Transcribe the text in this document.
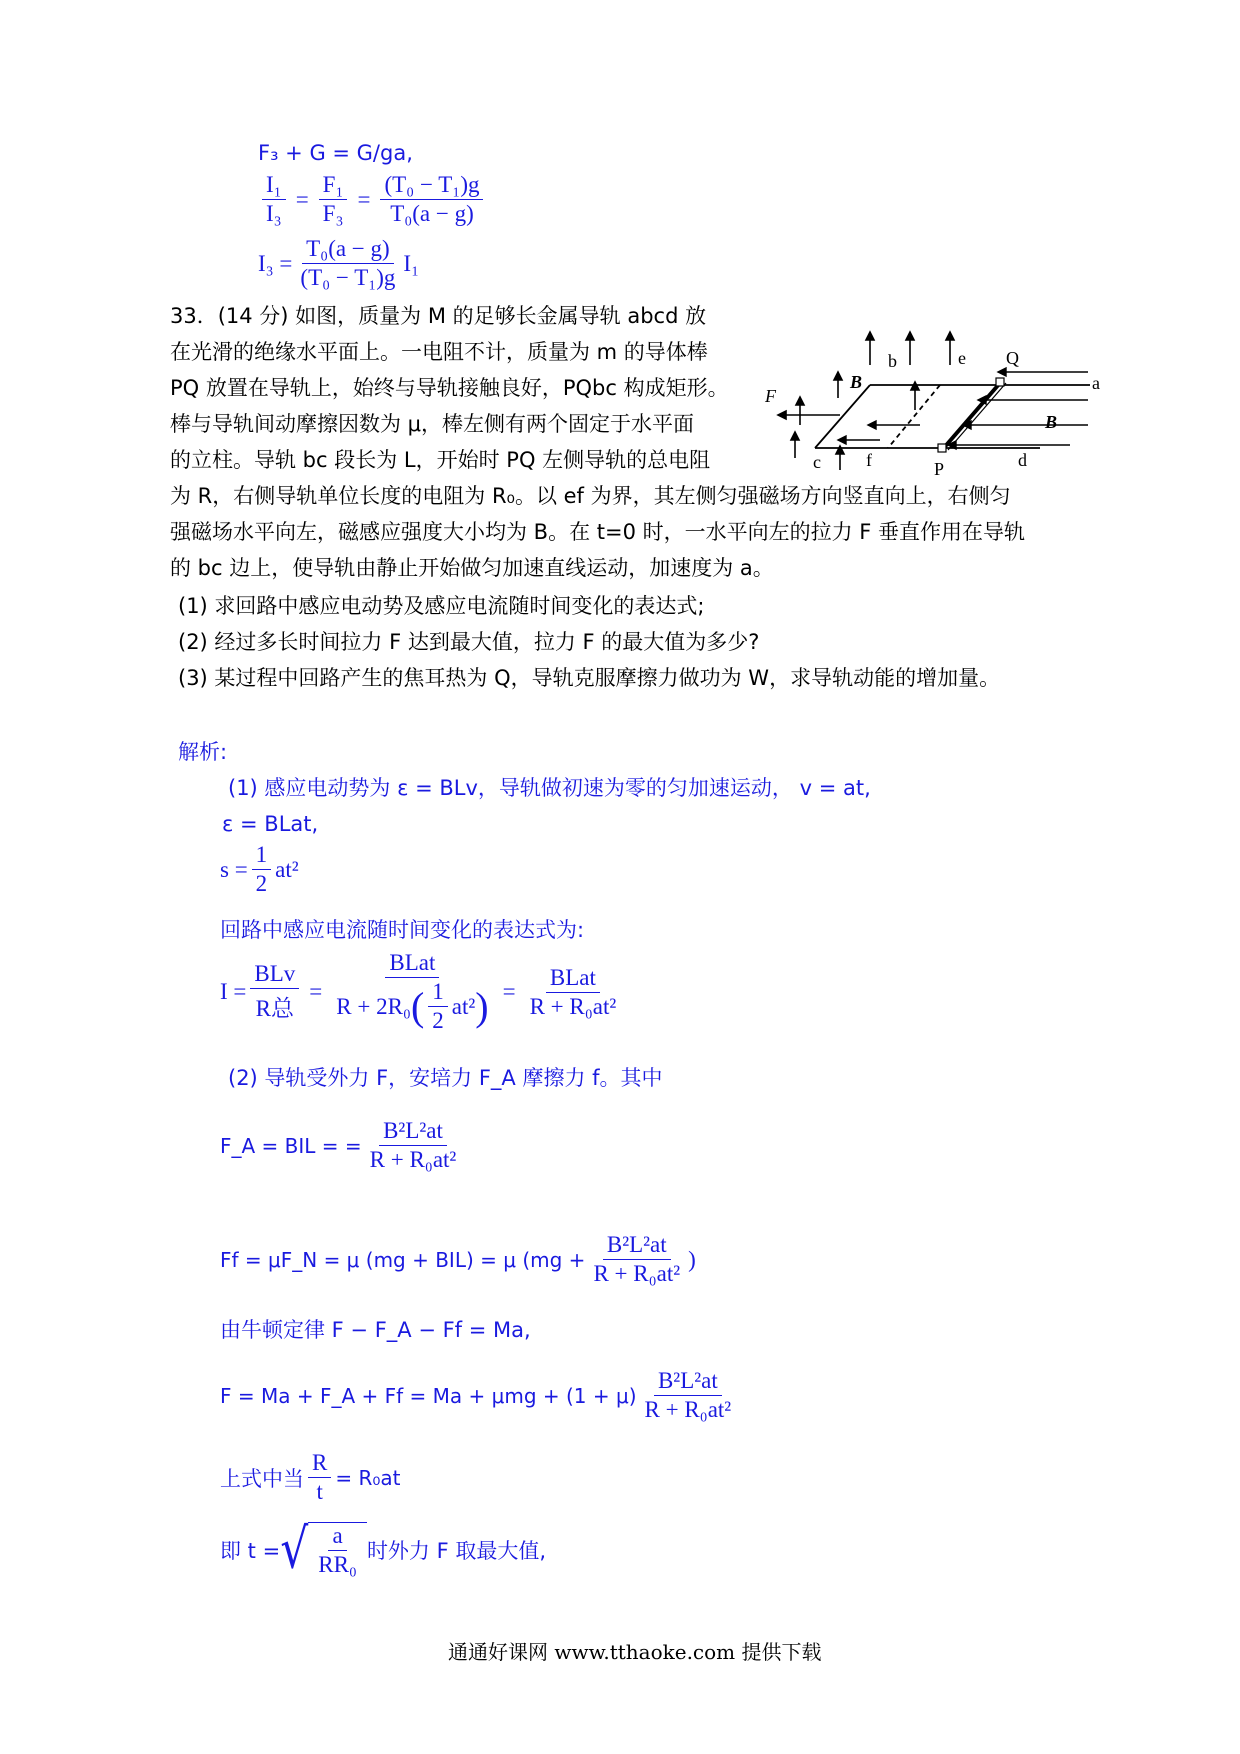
F₃ + G = G/ga,
$\frac{\text{I₁}}{\text{I₃}} = \frac{\text{F₁}}{\text{F₃}} = \frac{\text{(T₀ − T₁)g}}{\text{T₀(a − g)}}$
$I_3 = \frac{\text{T₀(a − g)}}{\text{(T₀ − T₁)g}} I_1$
33．(14 分) 如图，质量为 M 的足够长金属导轨 abcd 放
在光滑的绝缘水平面上。一电阻不计，质量为 m 的导体棒
PQ 放置在导轨上，始终与导轨接触良好，PQbc 构成矩形。
棒与导轨间动摩擦因数为 μ，棒左侧有两个固定于水平面
的立柱。导轨 bc 段长为 L，开始时 PQ 左侧导轨的总电阻
为 R，右侧导轨单位长度的电阻为 R₀。以 ef 为界，其左侧匀强磁场方向竖直向上，右侧匀
强磁场水平向左，磁感应强度大小均为 B。在 t=0 时，一水平向左的拉力 F 垂直作用在导轨
的 bc 边上，使导轨由静止开始做匀加速直线运动，加速度为 a。
(1) 求回路中感应电动势及感应电流随时间变化的表达式;
(2) 经过多长时间拉力 F 达到最大值，拉力 F 的最大值为多少?
(3) 某过程中回路产生的焦耳热为 Q，导轨克服摩擦力做功为 W，求导轨动能的增加量。
b	e Q
a
B
B
F
c	f	P	d
解析:
(1) 感应电动势为 ε = BLv，导轨做初速为零的匀加速运动， v = at,
ε = BLat,
$s = \frac{1}{2} at^2$
回路中感应电流随时间变化的表达式为:
$I = \frac{\text{BLv}}{\text{R总}} = \frac{\text{BLat}}{R + 2R_0 ( \frac{1}{2} at^2 )} = \frac{\text{BLat}}{\text{R + R₀at²}}$
(2) 导轨受外力 F，安培力 F_A 摩擦力 f。其中
F_A = BIL = = $\frac{\text{B²L²at}}{\text{R + R₀at²}}$
Ff = μF_N = μ (mg + BIL) = μ ($mg + \frac{\text{B²L²at}}{\text{R + R₀at²}}$ )
由牛顿定律 F − F_A − Ff = Ma,
F = Ma + F_A + $Ff = Ma + \mu mg + (1 + \mu) \frac{\text{B²L²at}}{\text{R + R₀at²}}$
上式中当 $\frac{R}{t} = R_0at$
即 t = √ $\frac{a}{\text{RR₀}}$ 时外力 F 取最大值,
通通好课网 www.tthaoke.com 提供下载
